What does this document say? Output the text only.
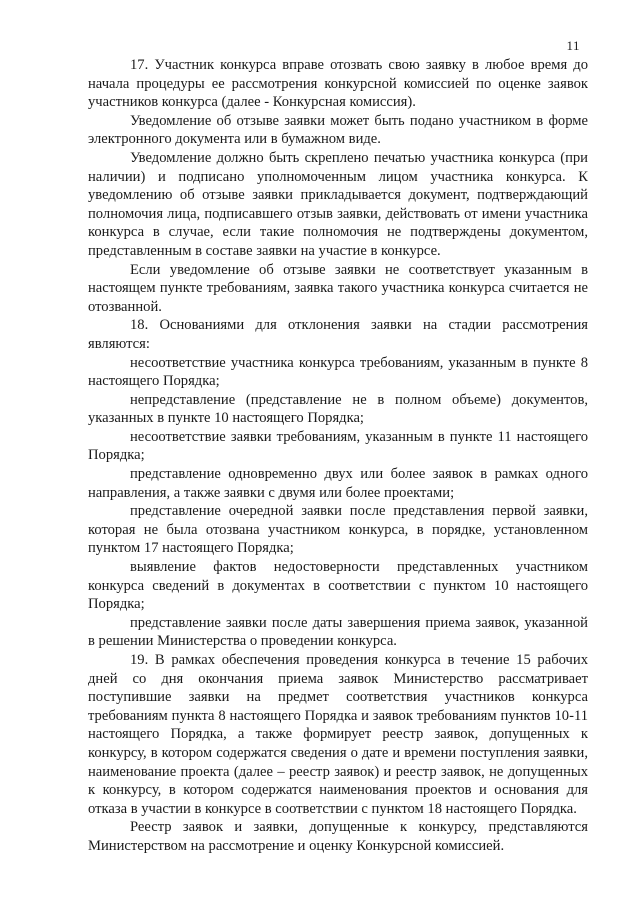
11

17. Участник конкурса вправе отозвать свою заявку в любое время до начала процедуры ее рассмотрения конкурсной комиссией по оценке заявок участников конкурса (далее - Конкурсная комиссия).

Уведомление об отзыве заявки может быть подано участником в форме электронного документа или в бумажном виде.

Уведомление должно быть скреплено печатью участника конкурса (при наличии) и подписано уполномоченным лицом участника конкурса. К уведомлению об отзыве заявки прикладывается документ, подтверждающий полномочия лица, подписавшего отзыв заявки, действовать от имени участника конкурса в случае, если такие полномочия не подтверждены документом, представленным в составе заявки на участие в конкурсе.

Если уведомление об отзыве заявки не соответствует указанным в настоящем пункте требованиям, заявка такого участника конкурса считается не отозванной.

18. Основаниями для отклонения заявки на стадии рассмотрения являются:

несоответствие участника конкурса требованиям, указанным в пункте 8 настоящего Порядка;

непредставление (представление не в полном объеме) документов, указанных в пункте 10 настоящего Порядка;

несоответствие заявки требованиям, указанным в пункте 11 настоящего Порядка;

представление одновременно двух или более заявок в рамках одного направления, а также заявки с двумя или более проектами;

представление очередной заявки после представления первой заявки, которая не была отозвана участником конкурса, в порядке, установленном пунктом 17 настоящего Порядка;

выявление фактов недостоверности представленных участником конкурса сведений в документах в соответствии с пунктом 10 настоящего Порядка;

представление заявки после даты завершения приема заявок, указанной в решении Министерства о проведении конкурса.

19. В рамках обеспечения проведения конкурса в течение 15 рабочих дней со дня окончания приема заявок Министерство рассматривает поступившие заявки на предмет соответствия участников конкурса требованиям пункта 8 настоящего Порядка и заявок требованиям пунктов 10-11 настоящего Порядка, а также формирует реестр заявок, допущенных к конкурсу, в котором содержатся сведения о дате и времени поступления заявки, наименование проекта (далее – реестр заявок) и реестр заявок, не допущенных к конкурсу, в котором содержатся наименования проектов и основания для отказа в участии в конкурсе в соответствии с пунктом 18 настоящего Порядка.

Реестр заявок и заявки, допущенные к конкурсу, представляются Министерством на рассмотрение и оценку Конкурсной комиссией.
